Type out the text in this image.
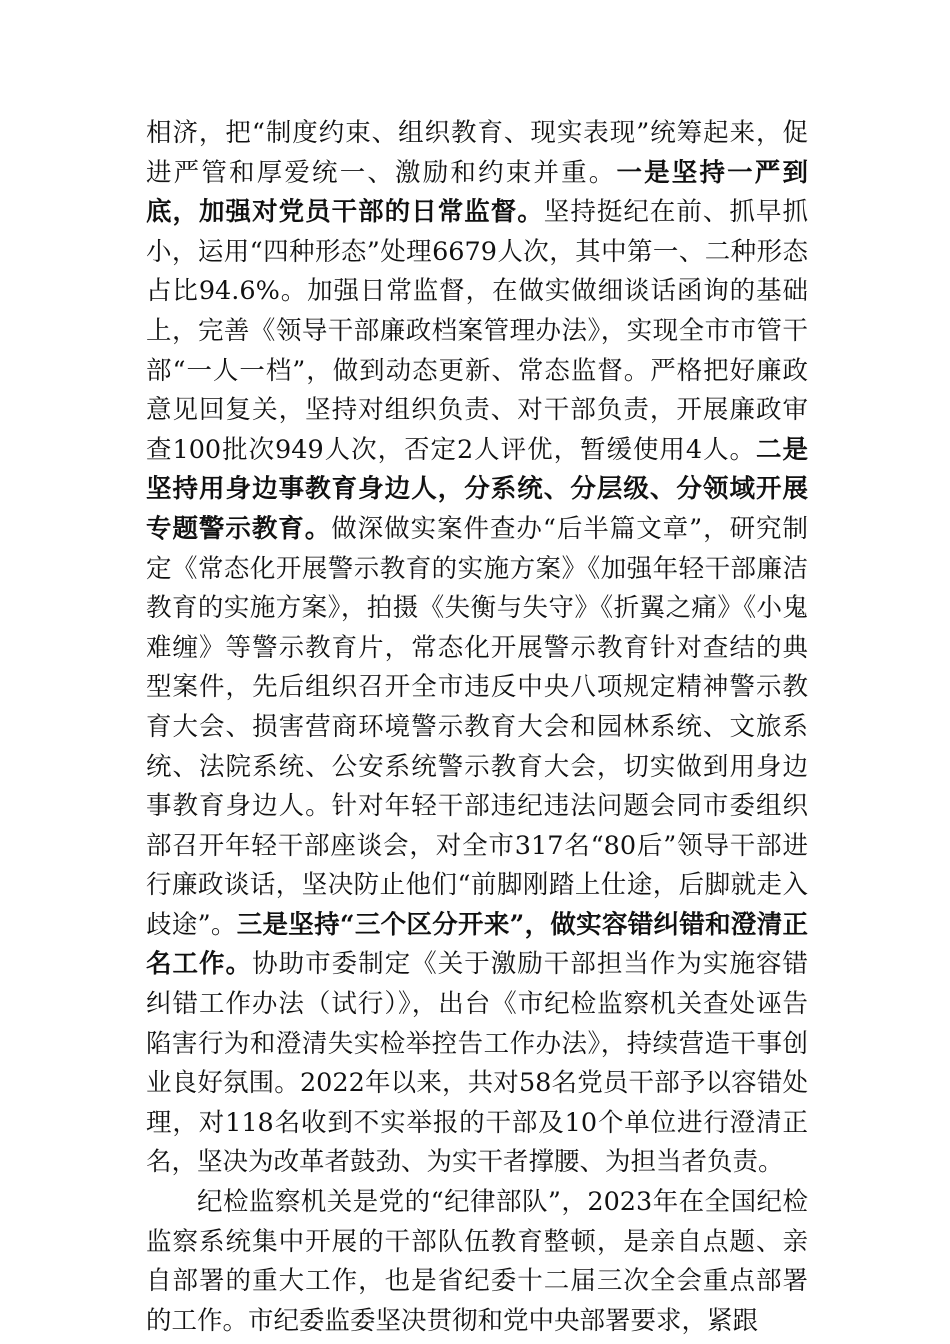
相济，把“制度约束、组织教育、现实表现”统筹起来，促进严管和厚爱统一、激励和约束并重。一是坚持一严到底，加强对党员干部的日常监督。坚持挺纪在前、抓早抓小，运用“四种形态”处理6679人次，其中第一、二种形态占比94.6%。加强日常监督，在做实做细谈话函询的基础上，完善《领导干部廉政档案管理办法》，实现全市市管干部“一人一档”，做到动态更新、常态监督。严格把好廉政意见回复关，坚持对组织负责、对干部负责，开展廉政审查100批次949人次，否定2人评优，暂缓使用4人。二是坚持用身边事教育身边人，分系统、分层级、分领域开展专题警示教育。做深做实案件查办“后半篇文章”，研究制定《常态化开展警示教育的实施方案》《加强年轻干部廉洁教育的实施方案》，拍摄《失衡与失守》《折翼之痛》《小鬼难缠》等警示教育片，常态化开展警示教育针对查结的典型案件，先后组织召开全市违反中央八项规定精神警示教育大会、损害营商环境警示教育大会和园林系统、文旅系统、法院系统、公安系统警示教育大会，切实做到用身边事教育身边人。针对年轻干部违纪违法问题会同市委组织部召开年轻干部座谈会，对全市317名“80后”领导干部进行廉政谈话，坚决防止他们“前脚刚踏上仕途，后脚就走入歧途”。三是坚持“三个区分开来”，做实容错纠错和澄清正名工作。协助市委制定《关于激励干部担当作为实施容错纠错工作办法（试行）》，出台《市纪检监察机关查处诬告陷害行为和澄清失实检举控告工作办法》，持续营造干事创业良好氛围。2022年以来，共对58名党员干部予以容错处理，对118名收到不实举报的干部及10个单位进行澄清正名，坚决为改革者鼓劲、为实干者撑腰、为担当者负责。

纪检监察机关是党的“纪律部队”，2023年在全国纪检监察系统集中开展的干部队伍教育整顿，是亲自点题、亲自部署的重大工作，也是省纪委十二届三次全会重点部署的工作。市纪委监委坚决贯彻和党中央部署要求，紧跟
